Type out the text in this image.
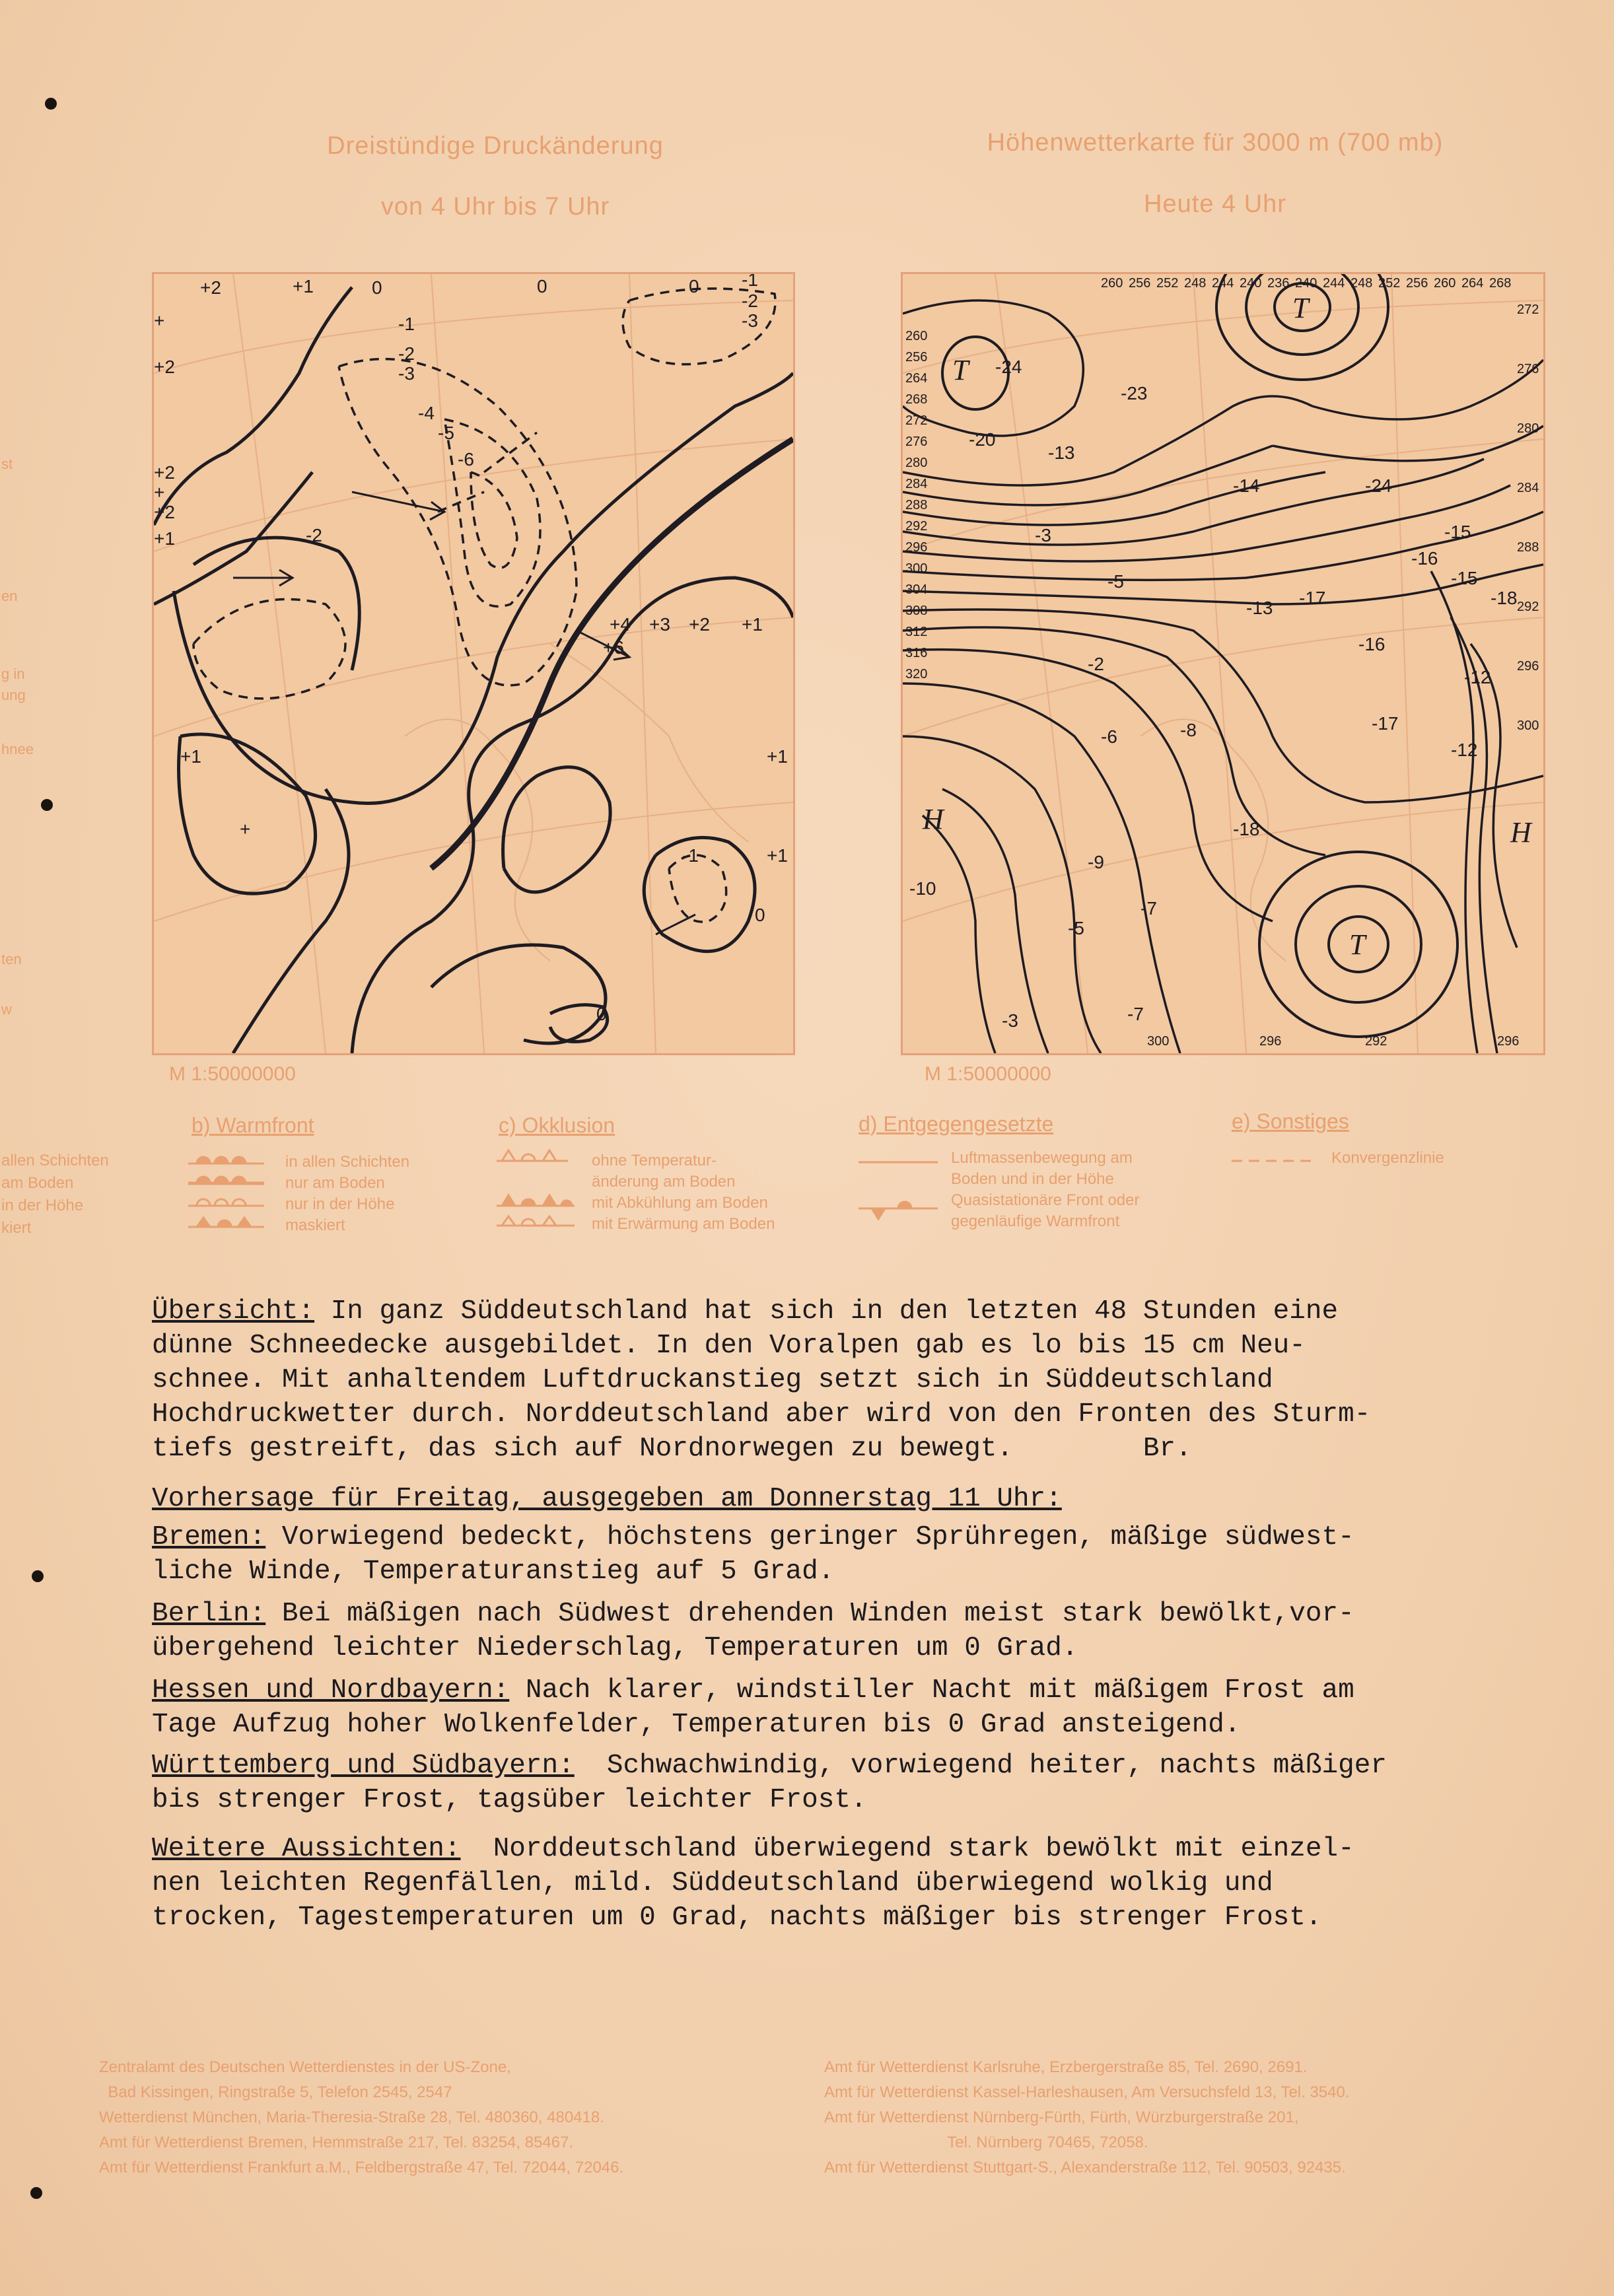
st
en
g in
ung
hnee
ten
w
Dreistündige Druckänderung
von 4 Uhr bis 7 Uhr
+2	+1	0	0	0 -1
-2
-3
+
+2
-1
-2
-3
-4
-5
-6
+2
+
+2
+1	-2
+4 +3 +2 +1
+6
+1
+1
+
+1
-1
0
0
M 1:50000000
Höhenwetterkarte für 3000 m (700 mb)
Heute 4 Uhr
T
T
T
H	H
260 256 252 248 244 240 236 240 244 248 252 256 260 264 268
260
256
264
268
272
276
280
284
288
292
296
300
304
308
312
316
320
272
276
280
284
288
292
296
300
300	296	292	296
-24
-23
-20
-13
-14	-24
-15
-16
-15
-18
-3
-5
-13 -17
-16
-12
-2
-6	-8	-17
-18
-12
-7
-10
-5
-3	-7
-9
M 1:50000000
allen Schichten
am Boden
in der Höhe
kiert
b) Warmfront
in allen Schichten
nur am Boden
nur in der Höhe
maskiert
c) Okklusion
ohne Temperatur-
änderung am Boden
mit Abkühlung am Boden
mit Erwärmung am Boden
d) Entgegengesetzte
Luftmassenbewegung am
Boden und in der Höhe
Quasistationäre Front oder
gegenläufige Warmfront
e) Sonstiges
Konvergenzlinie
Übersicht: In ganz Süddeutschland hat sich in den letzten 48 Stunden eine
dünne Schneedecke ausgebildet. In den Voralpen gab es lo bis 15 cm Neu-
schnee. Mit anhaltendem Luftdruckanstieg setzt sich in Süddeutschland
Hochdruckwetter durch. Norddeutschland aber wird von den Fronten des Sturm-
tiefs gestreift, das sich auf Nordnorwegen zu bewegt.        Br.
Vorhersage für Freitag, ausgegeben am Donnerstag 11 Uhr:
Bremen: Vorwiegend bedeckt, höchstens geringer Sprühregen, mäßige südwest-
liche Winde, Temperaturanstieg auf 5 Grad.
Berlin: Bei mäßigen nach Südwest drehenden Winden meist stark bewölkt,vor-
übergehend leichter Niederschlag, Temperaturen um 0 Grad.
Hessen und Nordbayern: Nach klarer, windstiller Nacht mit mäßigem Frost am
Tage Aufzug hoher Wolkenfelder, Temperaturen bis 0 Grad ansteigend.
Württemberg und Südbayern:  Schwachwindig, vorwiegend heiter, nachts mäßiger
bis strenger Frost, tagsüber leichter Frost.
Weitere Aussichten:  Norddeutschland überwiegend stark bewölkt mit einzel-
nen leichten Regenfällen, mild. Süddeutschland überwiegend wolkig und
trocken, Tagestemperaturen um 0 Grad, nachts mäßiger bis strenger Frost.
Zentralamt des Deutschen Wetterdienstes in der US-Zone,
Bad Kissingen, Ringstraße 5, Telefon 2545, 2547
Wetterdienst München, Maria-Theresia-Straße 28, Tel. 480360, 480418.
Amt für Wetterdienst Bremen, Hemmstraße 217, Tel. 83254, 85467.
Amt für Wetterdienst Frankfurt a.M., Feldbergstraße 47, Tel. 72044, 72046.
Amt für Wetterdienst Karlsruhe, Erzbergerstraße 85, Tel. 2690, 2691.
Amt für Wetterdienst Kassel-Harleshausen, Am Versuchsfeld 13, Tel. 3540.
Amt für Wetterdienst Nürnberg-Fürth, Fürth, Würzburgerstraße 201,
Tel. Nürnberg 70465, 72058.
Amt für Wetterdienst Stuttgart-S., Alexanderstraße 112, Tel. 90503, 92435.
